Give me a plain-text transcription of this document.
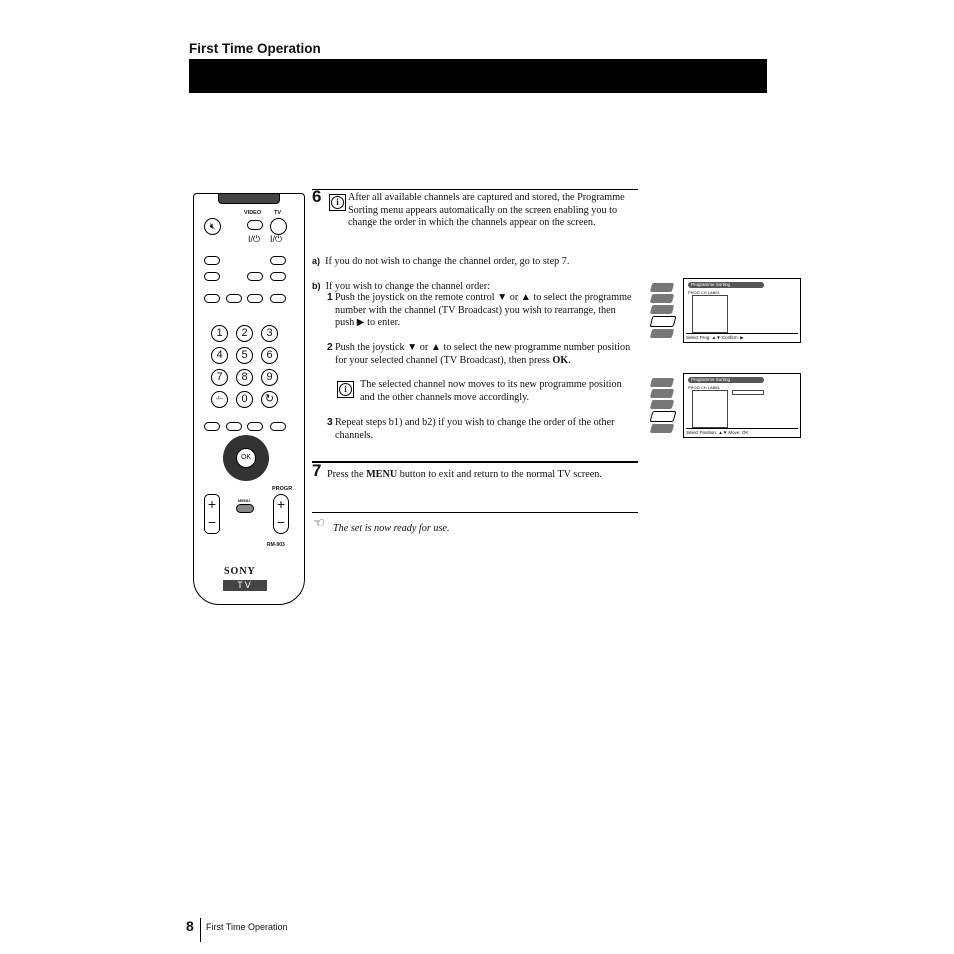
First Time Operation
VIDEO TV
🔇︎
I/⏻ I/⏻
1	2	3
4	5	6
7	8	9
-/--	0	↻
OK
PROGR
+
−
+
−
MENU
RM-903
SONY
TV
6	i After all available channels are captured and stored, the Programme Sorting menu appears automatically on the screen enabling you to change the order in which the channels appear on the screen.
a) If you do not wish to change the channel order, go to step 7.
b) If you wish to change the channel order:
1 Push the joystick on the remote control ▼ or ▲ to select the programme number with the channel (TV Broadcast) you wish to rearrange, then push ▶ to enter.
2 Push the joystick ▼ or ▲ to select the new programme number position for your selected channel (TV Broadcast), then press OK.
i	The selected channel now moves to its new programme position and the other channels move accordingly.
3 Repeat steps b1) and b2) if you wish to change the order of the other channels.
7 Press the MENU button to exit and return to the normal TV screen.
☜ The set is now ready for use.
Programme Sorting
PROG CH LABEL
Select Prog: ▲▼ Confirm: ▶
Programme Sorting
PROG CH LABEL
Select Position: ▲▼ Move: OK
8 First Time Operation
